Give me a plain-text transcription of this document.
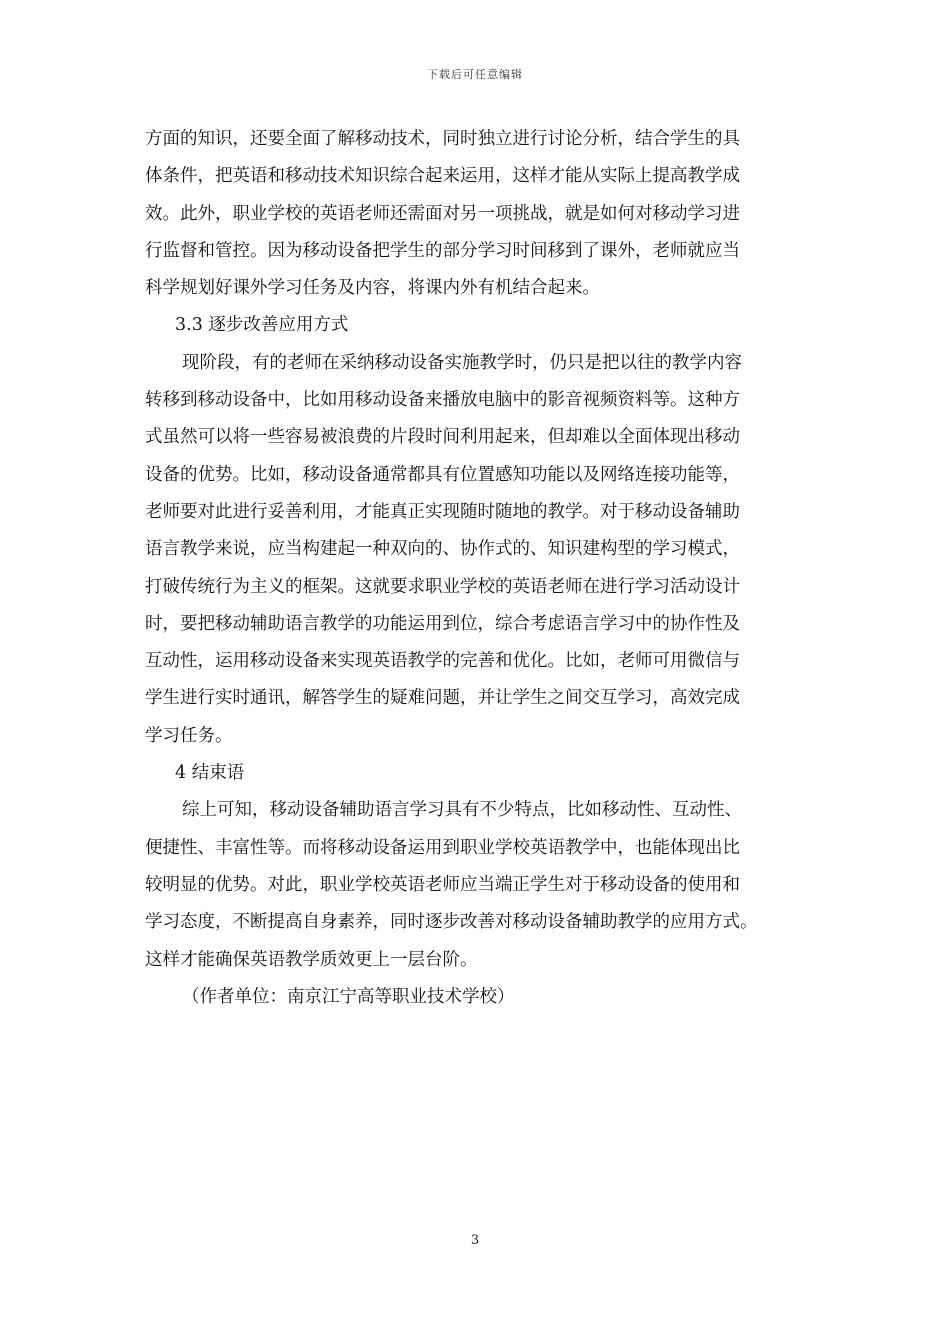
下载后可任意编辑
方面的知识，还要全面了解移动技术，同时独立进行讨论分析，结合学生的具
体条件，把英语和移动技术知识综合起来运用，这样才能从实际上提高教学成
效。此外，职业学校的英语老师还需面对另一项挑战，就是如何对移动学习进
行监督和管控。因为移动设备把学生的部分学习时间移到了课外，老师就应当
科学规划好课外学习任务及内容，将课内外有机结合起来。
3.3 逐步改善应用方式
现阶段，有的老师在采纳移动设备实施教学时，仍只是把以往的教学内容
转移到移动设备中，比如用移动设备来播放电脑中的影音视频资料等。这种方
式虽然可以将一些容易被浪费的片段时间利用起来，但却难以全面体现出移动
设备的优势。比如，移动设备通常都具有位置感知功能以及网络连接功能等，
老师要对此进行妥善利用，才能真正实现随时随地的教学。对于移动设备辅助
语言教学来说，应当构建起一种双向的、协作式的、知识建构型的学习模式，
打破传统行为主义的框架。这就要求职业学校的英语老师在进行学习活动设计
时，要把移动辅助语言教学的功能运用到位，综合考虑语言学习中的协作性及
互动性，运用移动设备来实现英语教学的完善和优化。比如，老师可用微信与
学生进行实时通讯，解答学生的疑难问题，并让学生之间交互学习，高效完成
学习任务。
4 结束语
综上可知，移动设备辅助语言学习具有不少特点，比如移动性、互动性、
便捷性、丰富性等。而将移动设备运用到职业学校英语教学中，也能体现出比
较明显的优势。对此，职业学校英语老师应当端正学生对于移动设备的使用和
学习态度，不断提高自身素养，同时逐步改善对移动设备辅助教学的应用方式。
这样才能确保英语教学质效更上一层台阶。
（作者单位：南京江宁高等职业技术学校）
3
